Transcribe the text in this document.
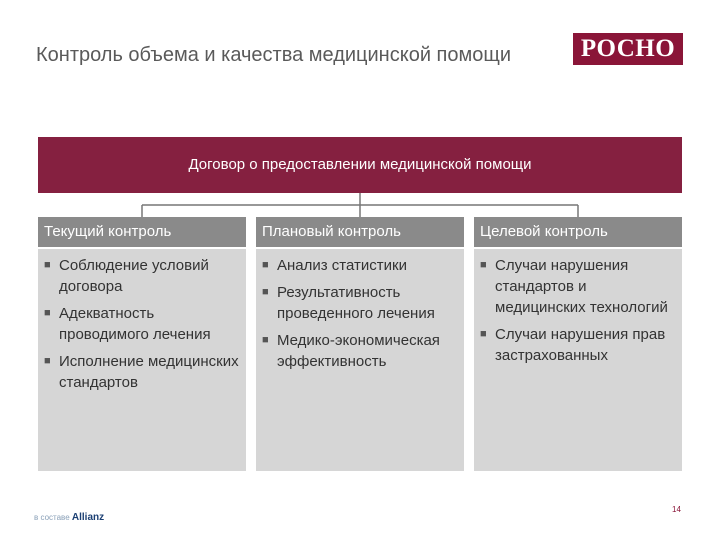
Контроль объема и качества медицинской помощи	РОСНО
Договор о предоставлении медицинской помощи
Текущий контроль
■ Соблюдение условий договора
■ Адекватность проводимого лечения
■ Исполнение медицинских стандартов
Плановый контроль
■ Анализ статистики
■ Результативность проведенного лечения
■ Медико-экономическая эффективность
Целевой контроль
■ Случаи нарушения стандартов и медицинских технологий
■ Случаи нарушения прав застрахованных
в составе Allianz
14
